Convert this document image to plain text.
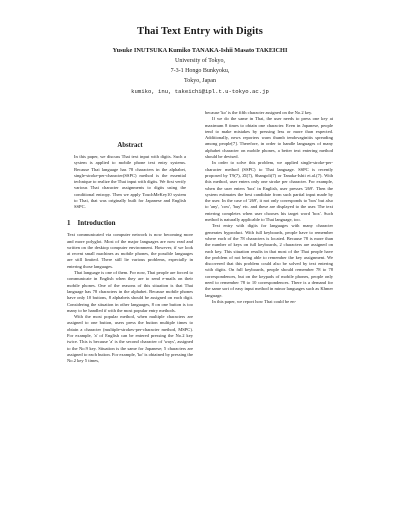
Thai Text Entry with Digits
Yusuke INUTSUKA Kumiko TANAKA-Ishii Masato TAKEICHI
University of Tokyo,
7-3-1 Hongo Bunkyoku,
Tokyo, Japan
kumiko, inu, takeichi@ipl.t.u-tokyo.ac.jp
Abstract
In this paper, we discuss Thai text input with digits. Such a system is applied to mobile phone text entry systems. Because Thai language has 78 characters in the alphabet, single-stroke-per-character(SSPC) method is the essential technique to realize the Thai input with digits. We first verify various Thai character assignments to digits using the conditional entropy. Then we apply TouchMeKey10 system to Thai, that was originally built for Japanese and English SSPC.
1 Introduction

Text communicated via computer network is now becoming more and more polyglot. Most of the major languages are now read and written on the desktop computer environment. However, if we look at recent small machines as mobile phones, the possible languages are still limited. There still lie various problems, especially in entering those languages.

Thai language is one of them. For now, Thai people are forced to communicate in English when they are to send e-mails on their mobile phones. One of the reasons of this situation is that Thai language has 78 characters in the alphabet. Because mobile phones have only 10 buttons, 8 alphabets should be assigned on each digit. Considering the situation in other languages, 8 on one button is too many to be handled if with the most popular entry methods.

With the most popular method, when multiple characters are assigned to one button, users press the button multiple times to obtain a character (multiple-strokes-per-character method, MSPC). For example, 'a' of English can be entered pressing the No.2 key twice. This is because 'a' is the second character of 'ways', assigned to the No.9 key. Situation is the same for Japanese; 5 characters are assigned to each button. For example, 'ko' is obtained by pressing the No.2 key 5 times,

because 'ko' is the fifth character assigned on the No.2 key.

If we do the same in Thai, the user needs to press one key at maximum 8 times to obtain one character. Even in Japanese, people tend to make mistakes by pressing less or more than expected. Additionally, news reporters warn thumb tendovaginitis spreading among people[7]. Therefore, in order to handle languages of many alphabet character on mobile phones, a better text entering method should be devised.

In order to solve this problem, we applied single-stroke-per-character method (SSPC) to Thai language. SSPC is recently proposed by T9(7), ZI(7), Shangoli(7) or Tanaka-Ishii et.al.(7). With this method, user enters only one stroke per character. For example, when the user enters 'box' in English, user presses '269'. Then the system estimates the best candidate from such partial input made by the user. In the case of '269', it not only corresponds to 'box' but also to 'any', 'cow', 'buy' etc. and these are displayed to the user. The text entering completes when user chooses his target word 'box'. Such method is naturally applicable to Thai language, too.

Text entry with digits for languages with many character generates byproduct. With full keyboards, people have to remember where each of the 78 characters is located. Because 78 is more than the number of keys on full keyboards, 2 characters are assigned on each key. This situation results in that most of the Thai people have the problem of not being able to remember the key assignment. We discovered that this problem could also be solved by text entering with digits. On full keyboards, people should remember 78 to 78 correspondences, but on the keypads of mobile phones, people only need to remember 78 to 10 correspondences. There is a demand for the same sort of easy input method in minor languages such as Khmer language.

In this paper, we report how Thai could be en-
